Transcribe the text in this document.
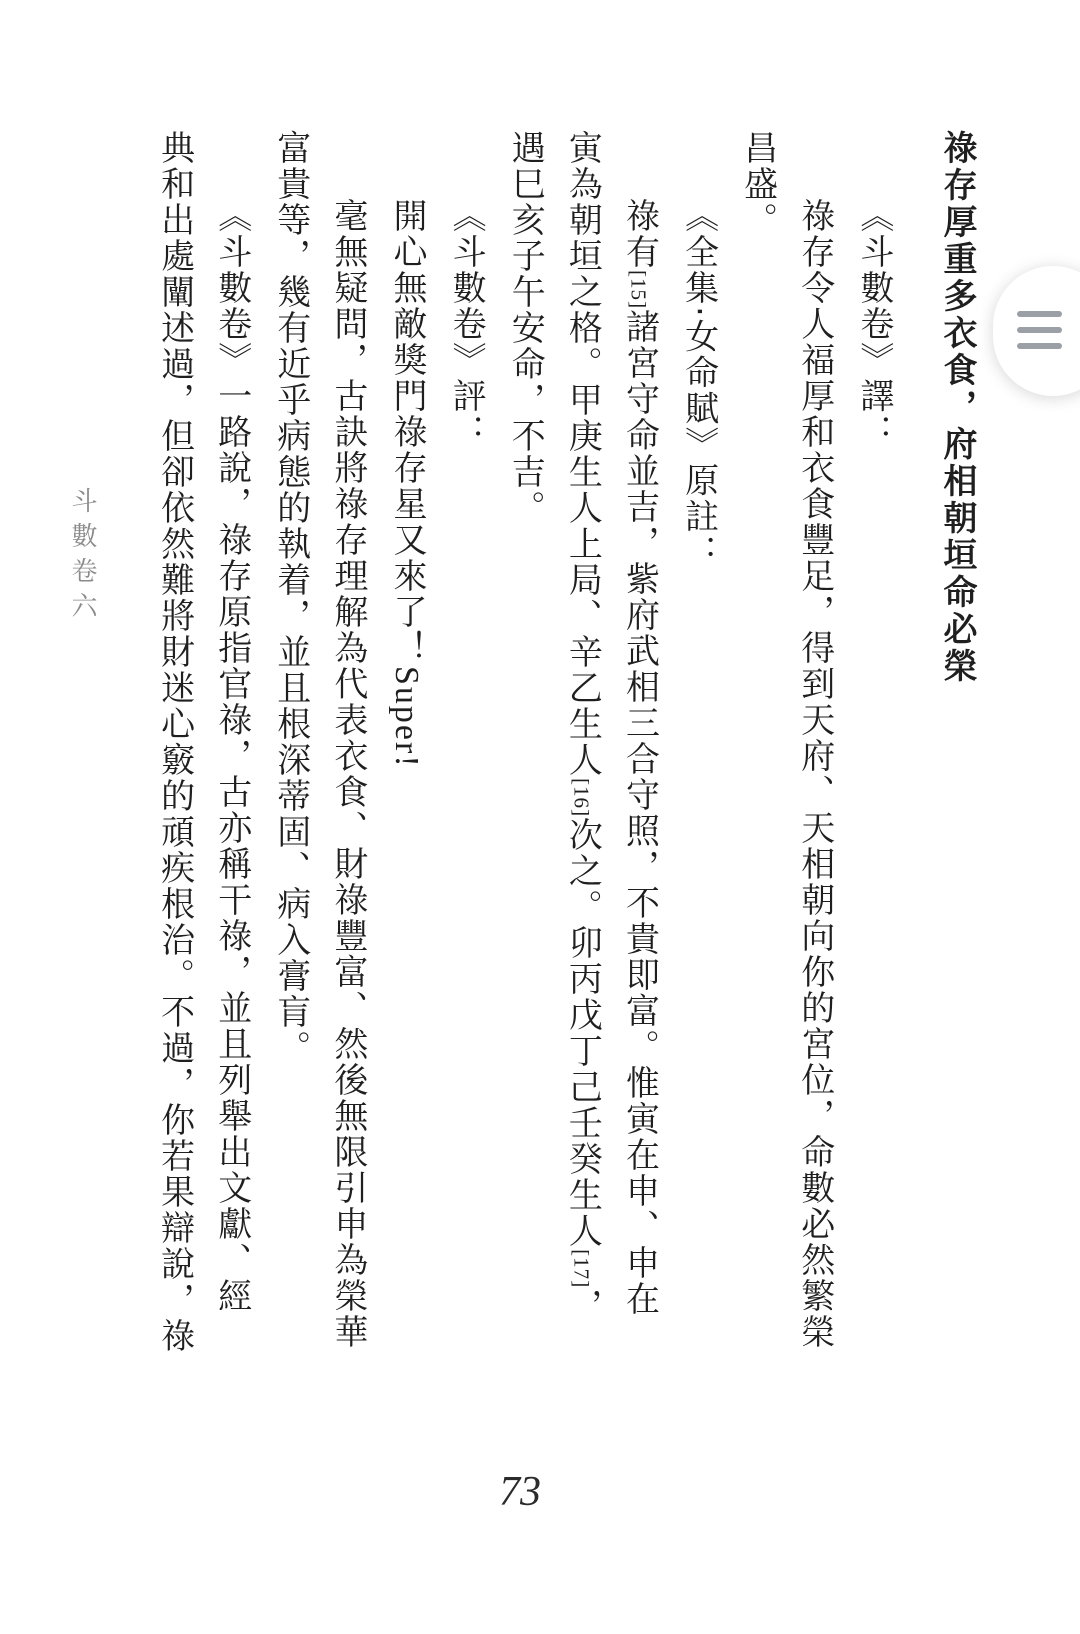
祿存厚重多衣食，府相朝垣命必榮

《斗數卷》譯：

祿存令人福厚和衣食豐足，得到天府、天相朝向你的宮位，命數必然繁榮
昌盛。

《全集‧女命賦》原註：

祿有[15]諸宮守命並吉，紫府武相三合守照，不貴即富。惟寅在申、申在
寅為朝垣之格。甲庚生人上局、辛乙生人[16]次之。卯丙戊丁己壬癸生人[17]，
遇巳亥子午安命，不吉。

《斗數卷》評：

開心無敵獎門祿存星又來了！Super!

毫無疑問，古訣將祿存理解為代表衣食、財祿豐富、然後無限引申為榮華
富貴等，幾有近乎病態的執着，並且根深蒂固、病入膏肓。

《斗數卷》一路說，祿存原指官祿，古亦稱干祿，並且列舉出文獻、經
典和出處闡述過，但卻依然難將財迷心竅的頑疾根治。不過，你若果辯說，祿

斗數卷六
73
